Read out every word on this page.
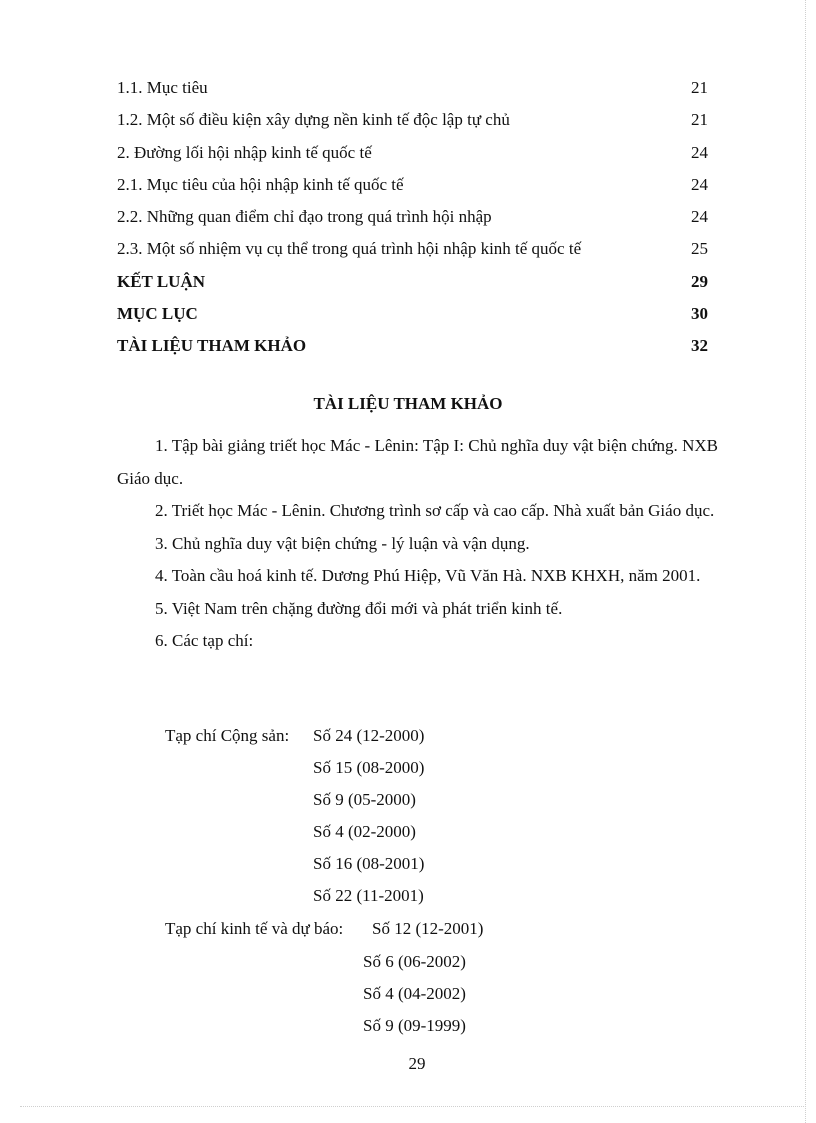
1.1. Mục tiêu	21
1.2. Một số điều kiện xây dựng nền kinh tế độc lập tự chủ	21
2. Đường lối hội nhập kinh tế quốc tế	24
2.1. Mục tiêu của hội nhập kinh tế quốc tế	24
2.2. Những quan điểm chỉ đạo trong quá trình hội nhập	24
2.3. Một số nhiệm vụ cụ thể trong quá trình hội nhập kinh tế quốc tế	25
KẾT LUẬN	29
MỤC LỤC	30
TÀI LIỆU THAM KHẢO	32
TÀI LIỆU THAM KHẢO

1. Tập bài giảng triết học Mác - Lênin: Tập I: Chủ nghĩa duy vật biện chứng. NXB Giáo dục.

2. Triết học Mác - Lênin. Chương trình sơ cấp và cao cấp. Nhà xuất bản Giáo dục.

3. Chủ nghĩa duy vật biện chứng - lý luận và vận dụng.

4. Toàn cầu hoá kinh tế. Dương Phú Hiệp, Vũ Văn Hà. NXB KHXH, năm 2001.

5. Việt Nam trên chặng đường đổi mới và phát triển kinh tế.

6. Các tạp chí:

Tạp chí Cộng sản: Số 24 (12-2000)
Số 15 (08-2000)
Số 9 (05-2000)
Số 4 (02-2000)
Số 16 (08-2001)
Số 22 (11-2001)
Tạp chí kinh tế và dự báo: Số 12 (12-2001)
Số 6 (06-2002)
Số 4 (04-2002)
Số 9 (09-1999)
29
